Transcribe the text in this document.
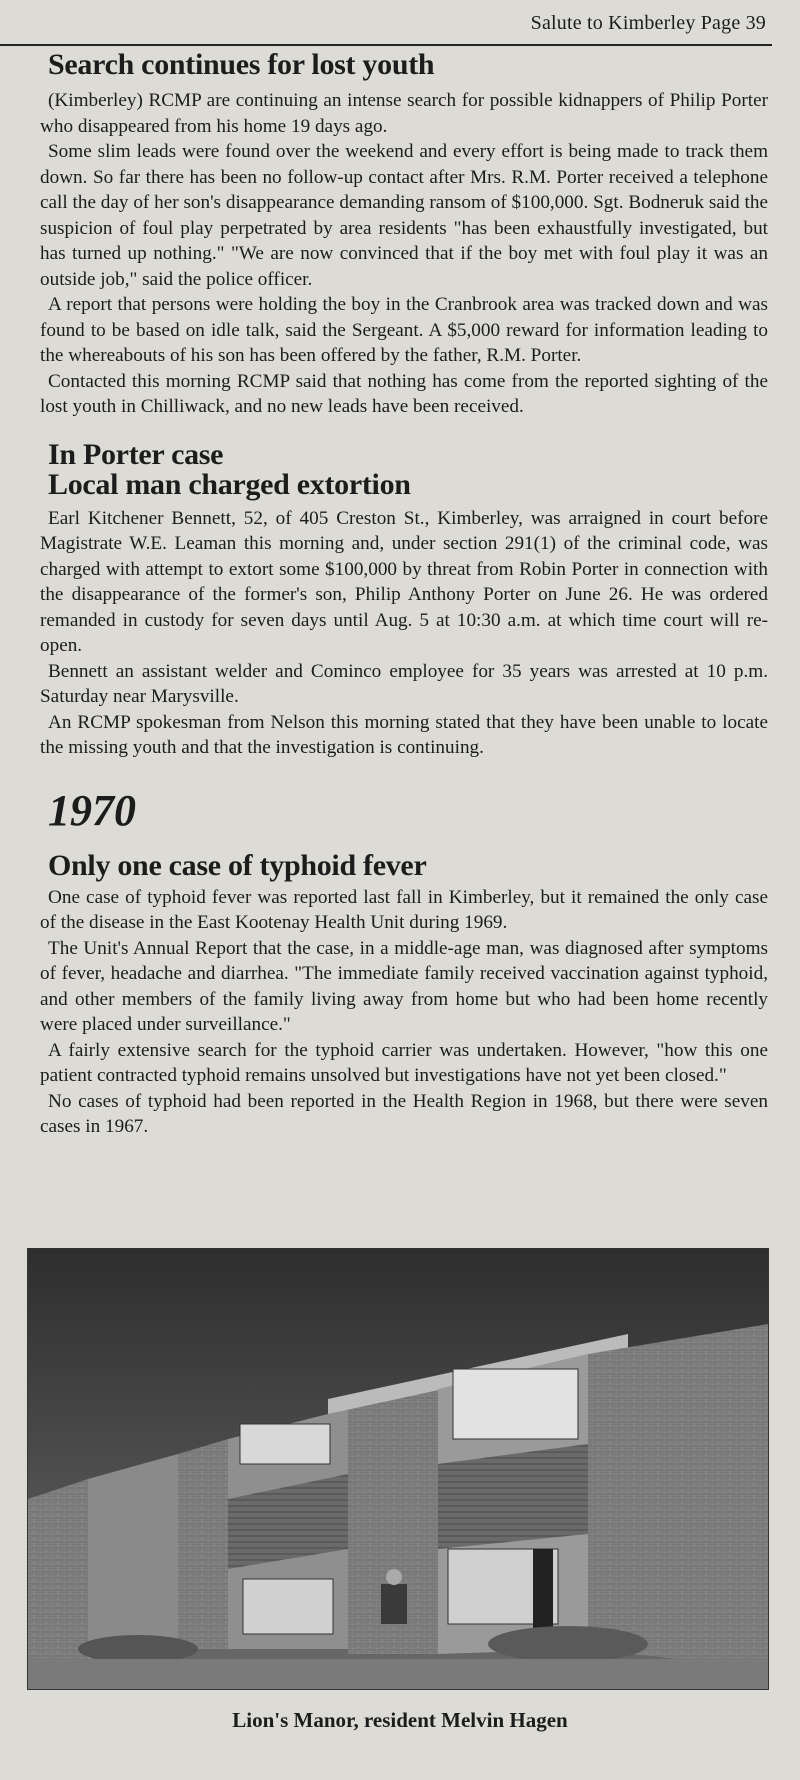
Salute to Kimberley Page 39
Search continues for lost youth

(Kimberley) RCMP are continuing an intense search for possible kidnappers of Philip Porter who disappeared from his home 19 days ago.

Some slim leads were found over the weekend and every effort is being made to track them down. So far there has been no follow-up contact after Mrs. R.M. Porter received a telephone call the day of her son's disappearance demanding ransom of $100,000. Sgt. Bodneruk said the suspicion of foul play perpetrated by area residents "has been exhaustfully investigated, but has turned up nothing." "We are now convinced that if the boy met with foul play it was an outside job," said the police officer.

A report that persons were holding the boy in the Cranbrook area was tracked down and was found to be based on idle talk, said the Sergeant. A $5,000 reward for information leading to the whereabouts of his son has been offered by the father, R.M. Porter.

Contacted this morning RCMP said that nothing has come from the reported sighting of the lost youth in Chilliwack, and no new leads have been received.

In Porter case
Local man charged extortion

Earl Kitchener Bennett, 52, of 405 Creston St., Kimberley, was arraigned in court before Magistrate W.E. Leaman this morning and, under section 291(1) of the criminal code, was charged with attempt to extort some $100,000 by threat from Robin Porter in connection with the disappearance of the former's son, Philip Anthony Porter on June 26. He was ordered remanded in custody for seven days until Aug. 5 at 10:30 a.m. at which time court will re-open.

Bennett an assistant welder and Cominco employee for 35 years was arrested at 10 p.m. Saturday near Marysville.

An RCMP spokesman from Nelson this morning stated that they have been unable to locate the missing youth and that the investigation is continuing.

1970
Only one case of typhoid fever

One case of typhoid fever was reported last fall in Kimberley, but it remained the only case of the disease in the East Kootenay Health Unit during 1969.

The Unit's Annual Report that the case, in a middle-age man, was diagnosed after symptoms of fever, headache and diarrhea. "The immediate family received vaccination against typhoid, and other members of the family living away from home but who had been home recently were placed under surveillance."

A fairly extensive search for the typhoid carrier was undertaken. However, "how this one patient contracted typhoid remains unsolved but investigations have not yet been closed."

No cases of typhoid had been reported in the Health Region in 1968, but there were seven cases in 1967.

Lion's Manor, resident Melvin Hagen
